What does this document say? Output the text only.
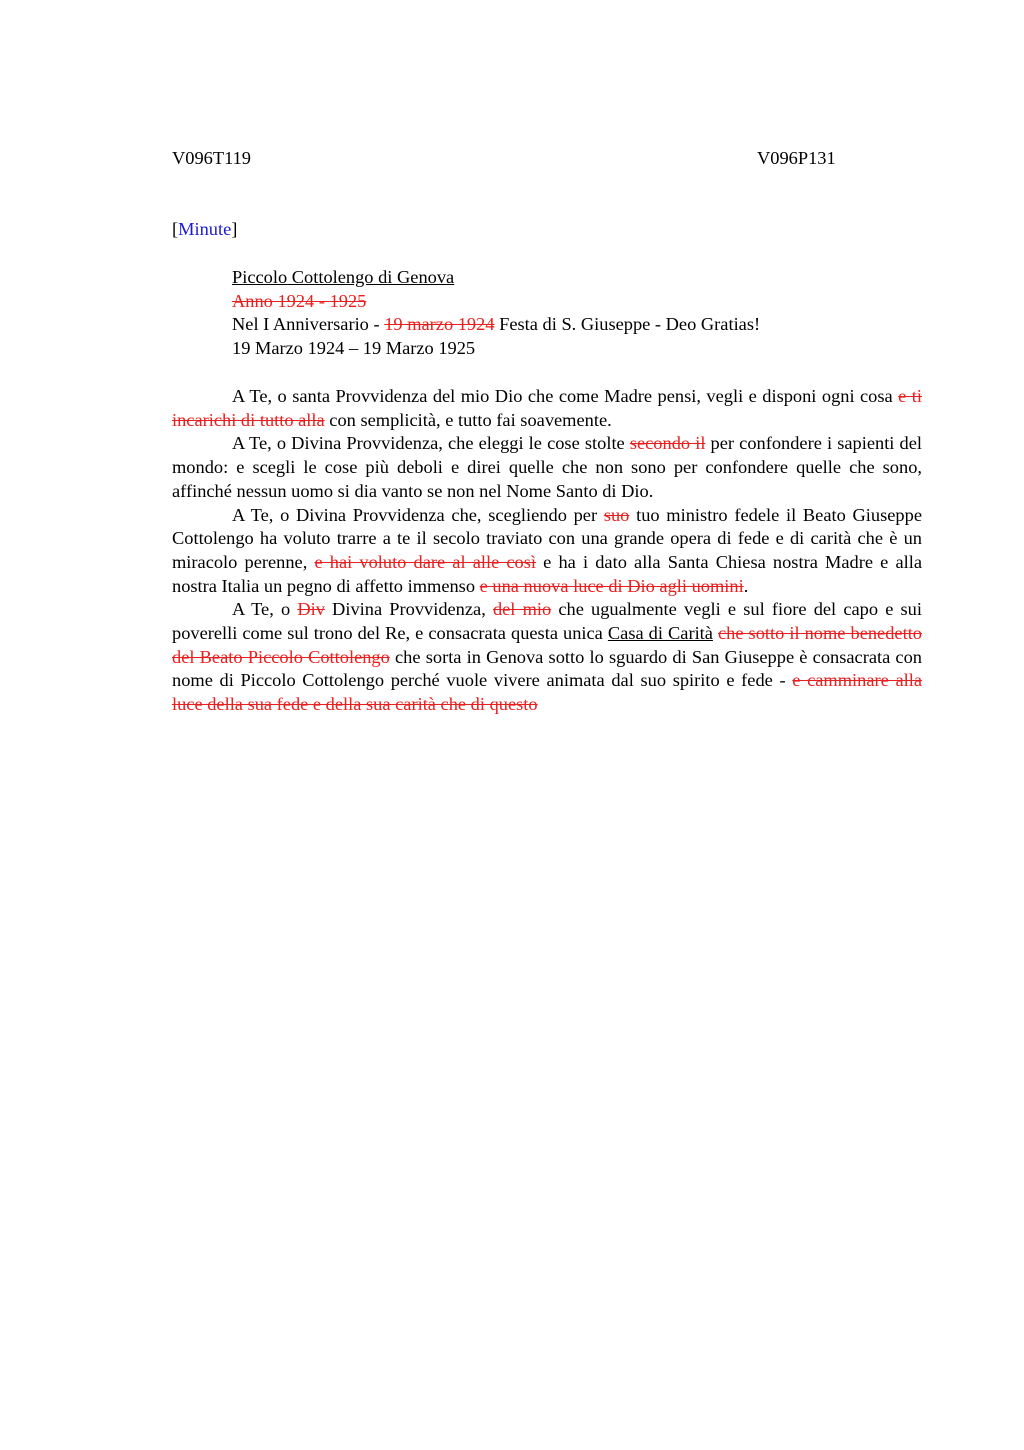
V096T119	V096P131
[Minute]
Piccolo Cottolengo di Genova
Anno 1924 - 1925
Nel I Anniversario - 19 marzo 1924 Festa di S. Giuseppe - Deo Gratias!
19 Marzo 1924 – 19 Marzo 1925

A Te, o santa Provvidenza del mio Dio che come Madre pensi, vegli e disponi ogni cosa e ti incarichi di tutto alla con semplicità, e tutto fai soavemente.

A Te, o Divina Provvidenza, che eleggi le cose stolte secondo il per confondere i sapienti del mondo: e scegli le cose più deboli e direi quelle che non sono per confondere quelle che sono, affinché nessun uomo si dia vanto se non nel Nome Santo di Dio.

A Te, o Divina Provvidenza che, scegliendo per suo tuo ministro fedele il Beato Giuseppe Cottolengo ha voluto trarre a te il secolo traviato con una grande opera di fede e di carità che è un miracolo perenne, e hai voluto dare al alle così e ha i dato alla Santa Chiesa nostra Madre e alla nostra Italia un pegno di affetto immenso e una nuova luce di Dio agli uomini.

A Te, o Div Divina Provvidenza, del mio che ugualmente vegli e sul fiore del capo e sui poverelli come sul trono del Re, e consacrata questa unica Casa di Carità che sotto il nome benedetto del Beato Piccolo Cottolengo che sorta in Genova sotto lo sguardo di San Giuseppe è consacrata con nome di Piccolo Cottolengo perché vuole vivere animata dal suo spirito e fede - e camminare alla luce della sua fede e della sua carità che di questo
